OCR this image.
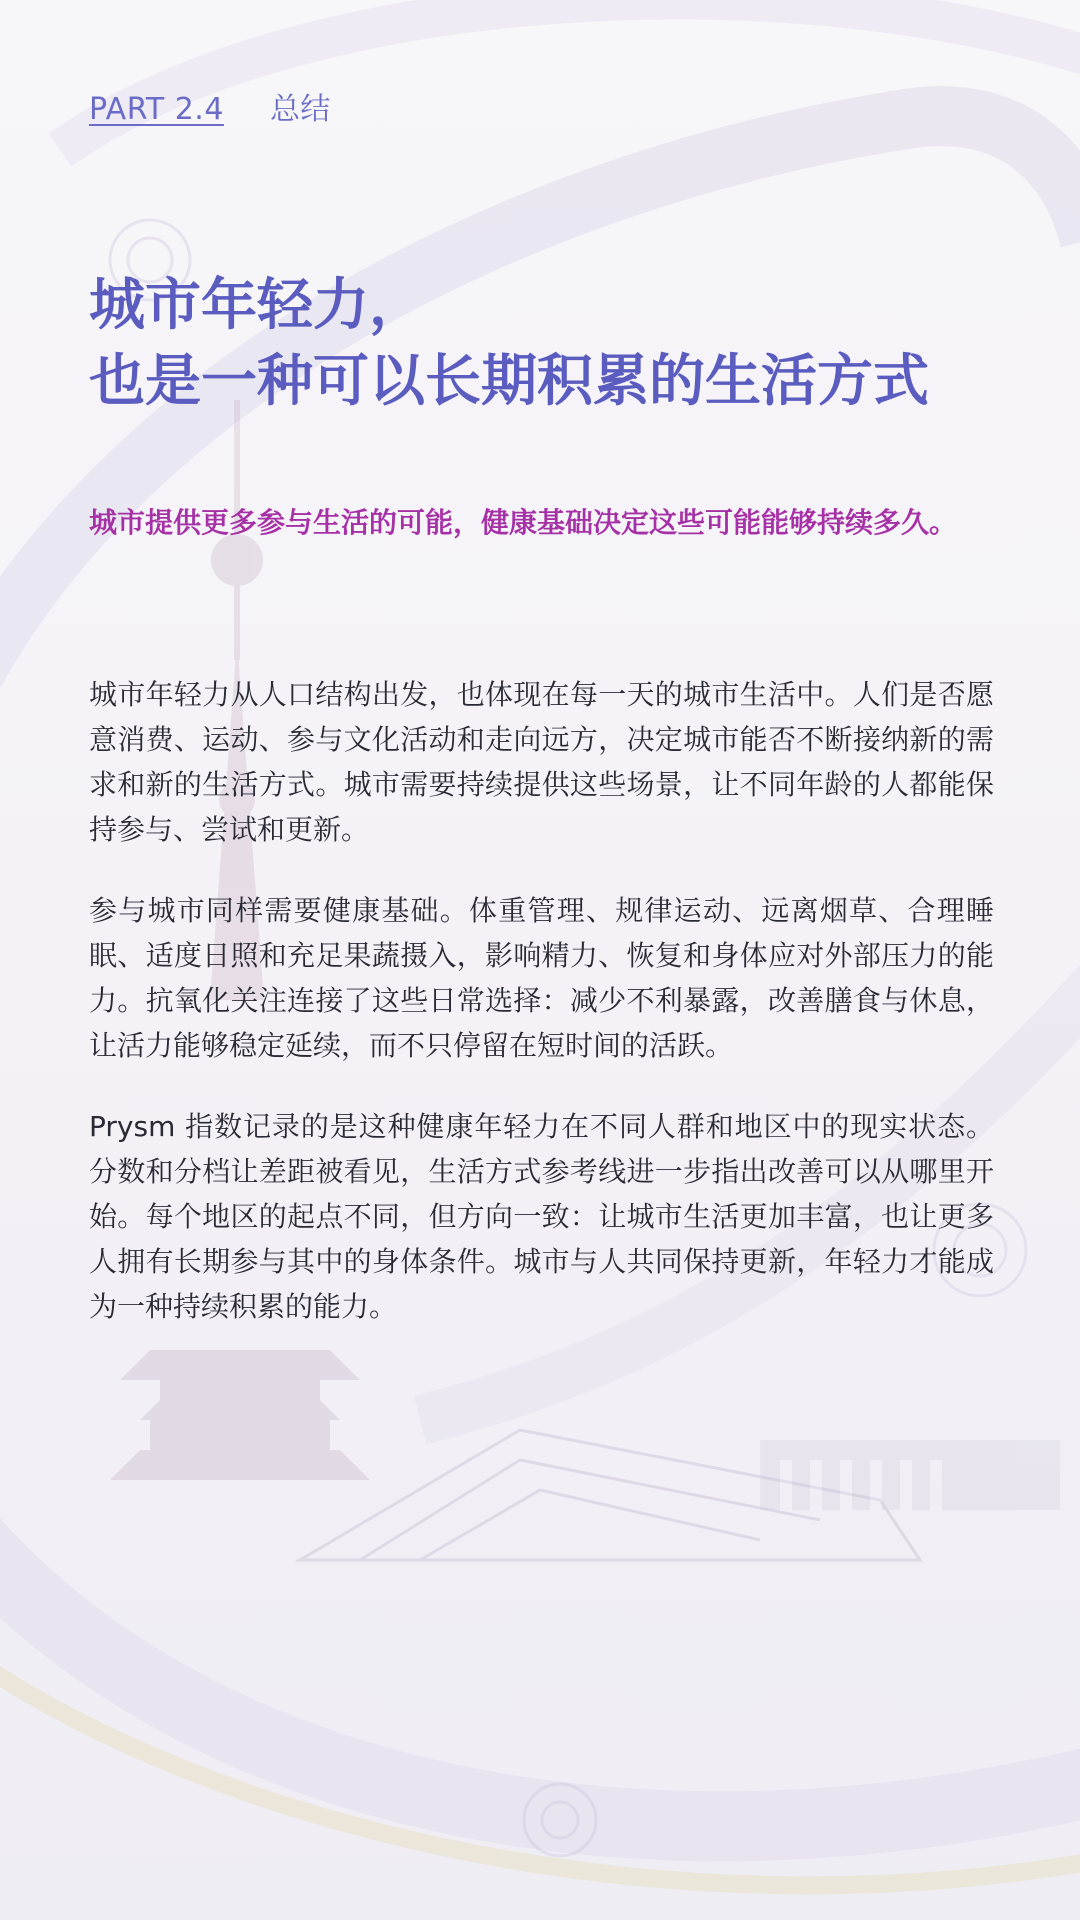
PART 2.4 总结
城市年轻力，
也是一种可以长期积累的生活方式

城市提供更多参与生活的可能，健康基础决定这些可能能够持续多久。

城市年轻力从人口结构出发，也体现在每一天的城市生活中。人们是否愿意消费、运动、参与文化活动和走向远方，决定城市能否不断接纳新的需求和新的生活方式。城市需要持续提供这些场景，让不同年龄的人都能保持参与、尝试和更新。

参与城市同样需要健康基础。体重管理、规律运动、远离烟草、合理睡眠、适度日照和充足果蔬摄入，影响精力、恢复和身体应对外部压力的能力。抗氧化关注连接了这些日常选择：减少不利暴露，改善膳食与休息，让活力能够稳定延续，而不只停留在短时间的活跃。

Prysm 指数记录的是这种健康年轻力在不同人群和地区中的现实状态。分数和分档让差距被看见，生活方式参考线进一步指出改善可以从哪里开始。每个地区的起点不同，但方向一致：让城市生活更加丰富，也让更多人拥有长期参与其中的身体条件。城市与人共同保持更新，年轻力才能成为一种持续积累的能力。
